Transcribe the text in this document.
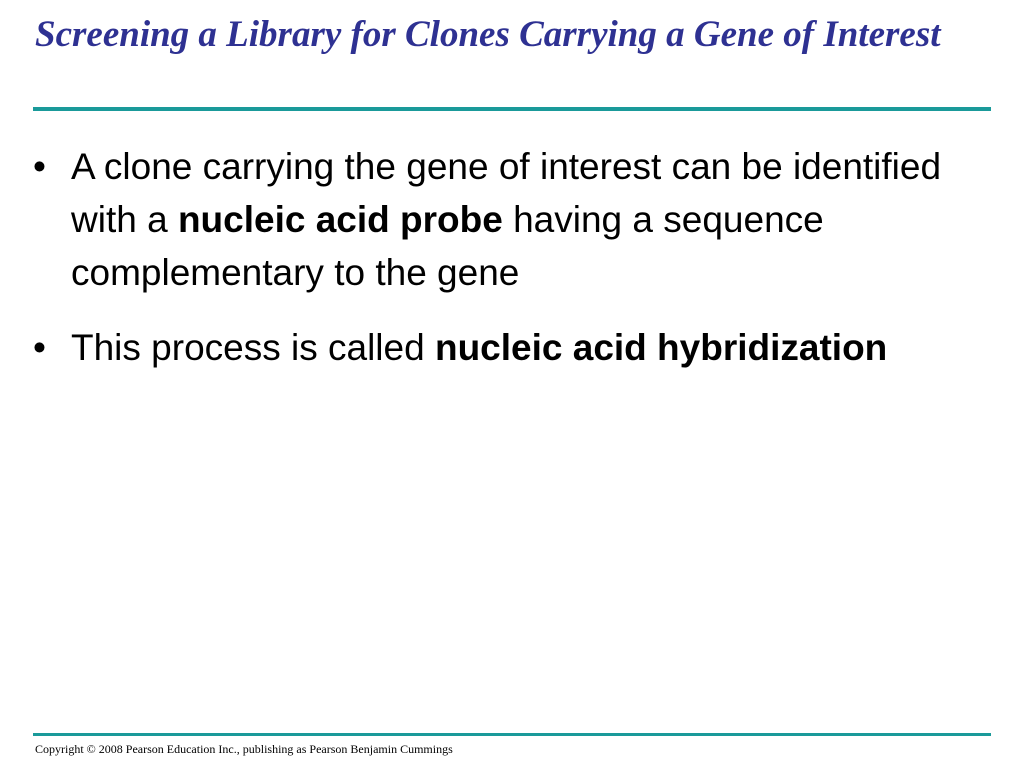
Screening a Library for Clones Carrying a Gene of Interest
• A clone carrying the gene of interest can be identified with a nucleic acid probe having a sequence complementary to the gene
• This process is called nucleic acid hybridization
Copyright © 2008 Pearson Education Inc., publishing as Pearson Benjamin Cummings
